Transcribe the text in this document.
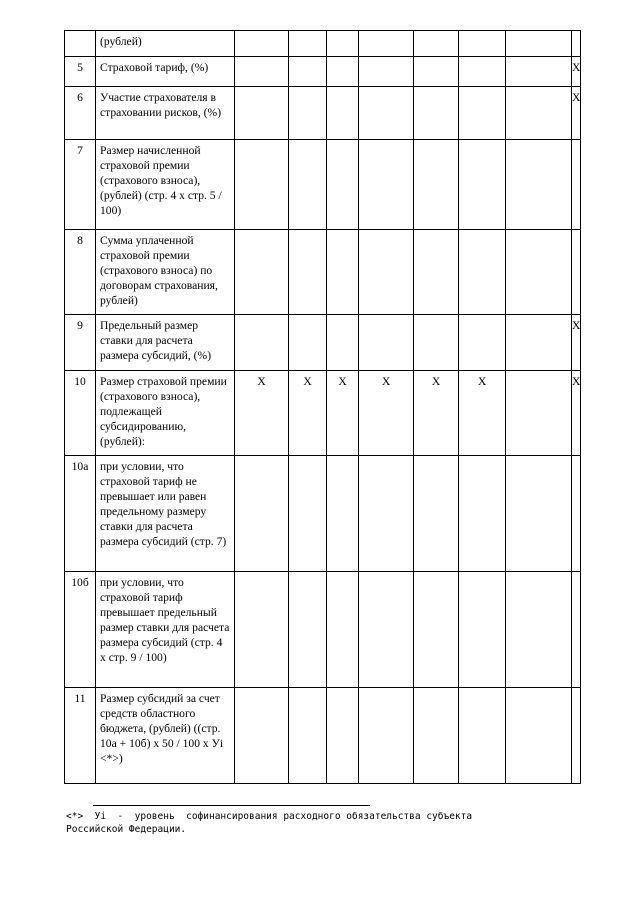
	(рублей)								
5	Страховой тариф, (%)								X
6	Участие страхователя в страховании рисков, (%)								X
7	Размер начисленной страховой премии (страхового взноса), (рублей) (стр. 4 x стр. 5 / 100)								
8	Сумма уплаченной страховой премии (страхового взноса) по договорам страхования, рублей)								
9	Предельный размер ставки для расчета размера субсидий, (%)								X
10	Размер страховой премии (страхового взноса), подлежащей субсидированию, (рублей):	X	X	X	X	X	X		X
10а	при условии, что страховой тариф не превышает или равен предельному размеру ставки для расчета размера субсидий (стр. 7)								
10б	при условии, что страховой тариф превышает предельный размер ставки для расчета размера субсидий (стр. 4 x стр. 9 / 100)								
11	Размер субсидий за счет средств областного бюджета, (рублей) ((стр. 10а + 10б) x 50 / 100 x Уi <*>)								
<*>  Уi  -  уровень  софинансирования расходного обязательства субъекта
Российской Федерации.
